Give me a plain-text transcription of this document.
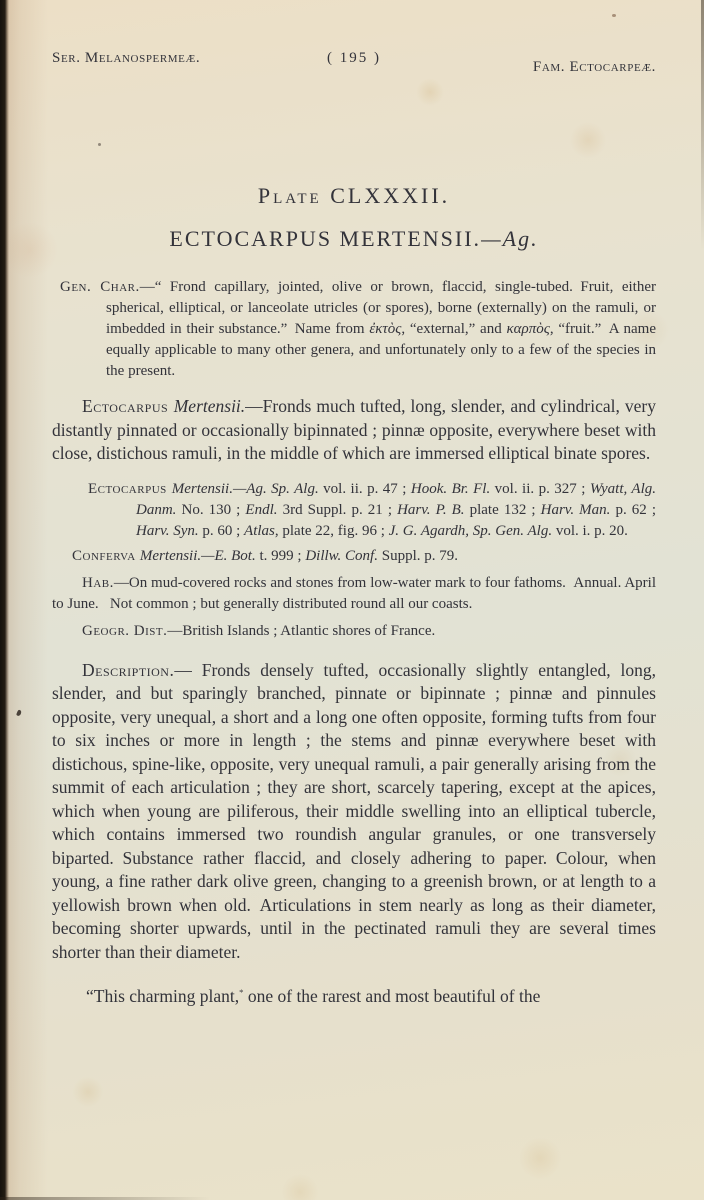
Ser. Melanospermeæ.	( 195 )
Fam. Ectocarpeæ.
Plate CLXXXII.
ECTOCARPUS MERTENSII.—Ag.

Gen. Char.—“ Frond capillary, jointed, olive or brown, flaccid, single-tubed. Fruit, either spherical, elliptical, or lanceolate utricles (or spores), borne (externally) on the ramuli, or imbedded in their substance.” Name from ἐκτὸς, “external,” and καρπὸς, “fruit.” A name equally applicable to many other genera, and unfortunately only to a few of the species in the present.

Ectocarpus Mertensii.—Fronds much tufted, long, slender, and cylindrical, very distantly pinnated or occasionally bipinnated ; pinnæ opposite, everywhere beset with close, distichous ramuli, in the middle of which are immersed elliptical binate spores.

Ectocarpus Mertensii.—Ag. Sp. Alg. vol. ii. p. 47 ; Hook. Br. Fl. vol. ii. p. 327 ; Wyatt, Alg. Danm. No. 130 ; Endl. 3rd Suppl. p. 21 ; Harv. P. B. plate 132 ; Harv. Man. p. 62 ; Harv. Syn. p. 60 ; Atlas, plate 22, fig. 96 ; J. G. Agardh, Sp. Gen. Alg. vol. i. p. 20.

Conferva Mertensii.—E. Bot. t. 999 ; Dillw. Conf. Suppl. p. 79.

Hab.—On mud-covered rocks and stones from low-water mark to four fathoms. Annual. April to June.  Not common ; but generally distributed round all our coasts.

Geogr. Dist.—British Islands ; Atlantic shores of France.

Description.— Fronds densely tufted, occasionally slightly entangled, long, slender, and but sparingly branched, pinnate or bipinnate ; pinnæ and pinnules opposite, very unequal, a short and a long one often opposite, forming tufts from four to six inches or more in length ; the stems and pinnæ everywhere beset with distichous, spine-like, opposite, very unequal ramuli, a pair generally arising from the summit of each articulation ; they are short, scarcely tapering, except at the apices, which when young are piliferous, their middle swelling into an elliptical tubercle, which contains immersed two roundish angular granules, or one transversely biparted. Substance rather flaccid, and closely adhering to paper. Colour, when young, a fine rather dark olive green, changing to a greenish brown, or at length to a yellowish brown when old. Articulations in stem nearly as long as their diameter, becoming shorter upwards, until in the pectinated ramuli they are several times shorter than their diameter.

“This charming plant,* one of the rarest and most beautiful of the
